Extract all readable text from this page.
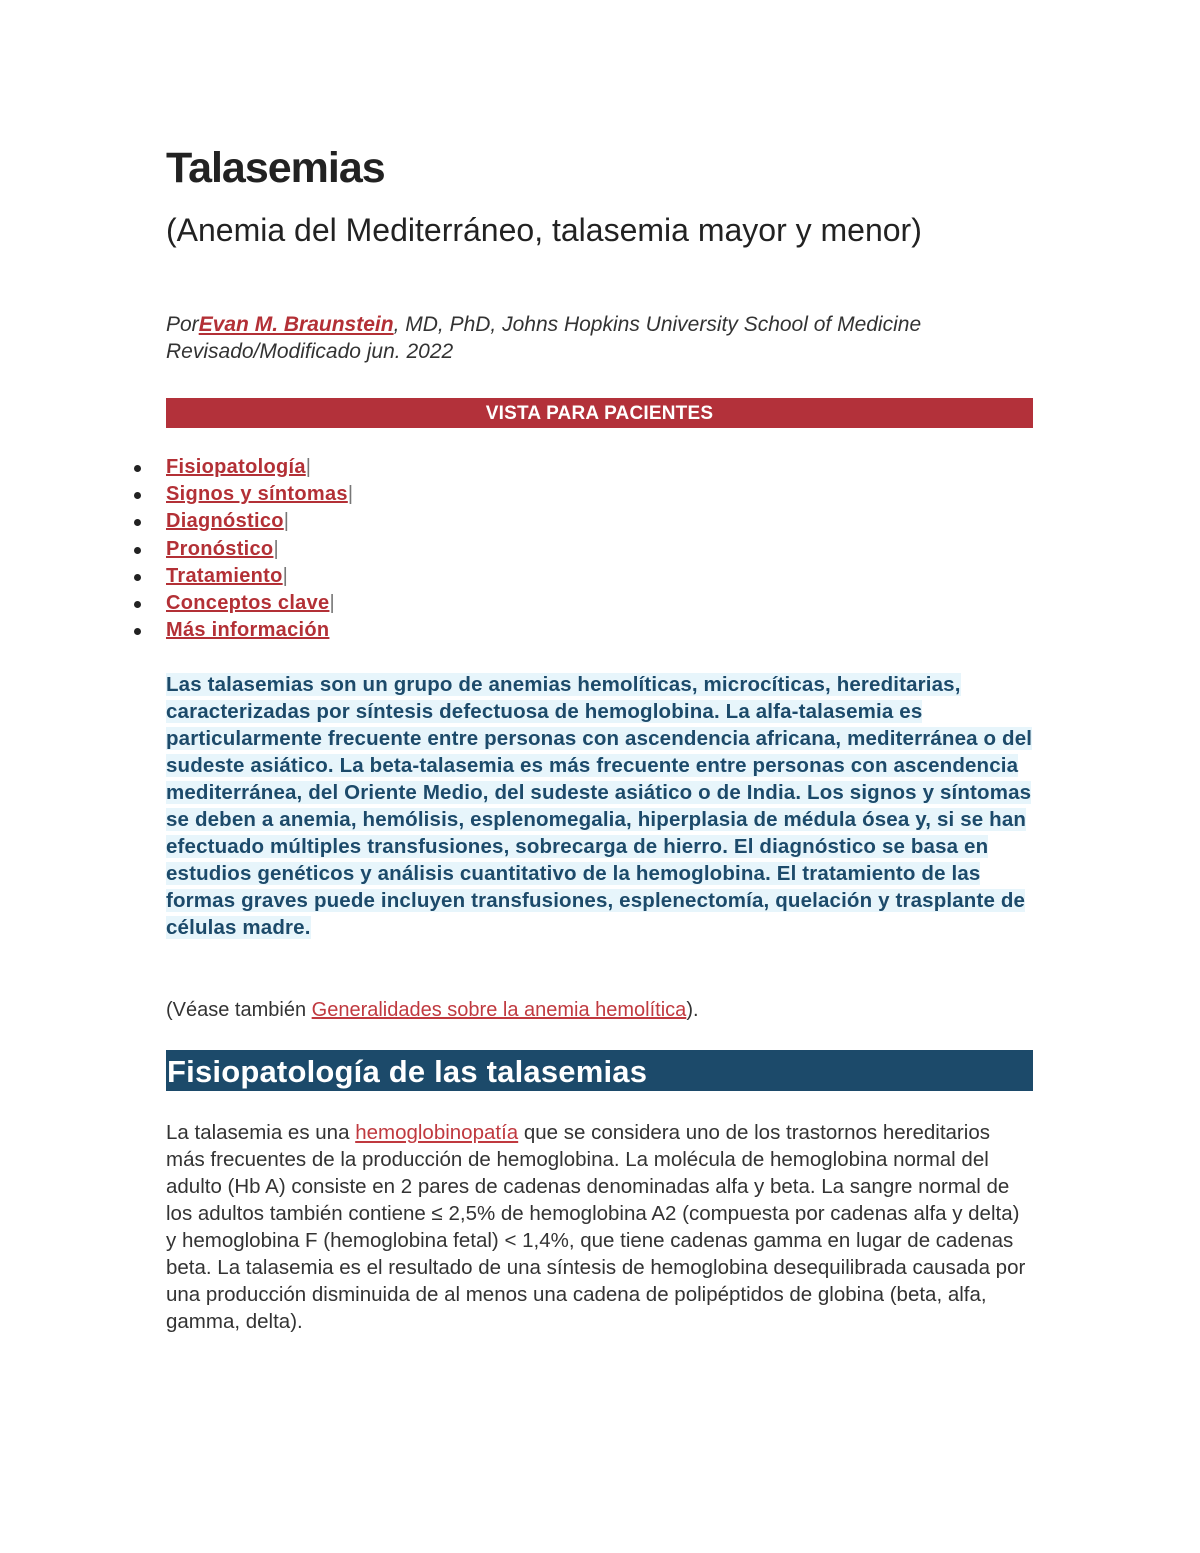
Talasemias
(Anemia del Mediterráneo, talasemia mayor y menor)
PorEvan M. Braunstein, MD, PhD, Johns Hopkins University School of Medicine
Revisado/Modificado jun. 2022
VISTA PARA PACIENTES
Fisiopatología|
Signos y síntomas|
Diagnóstico|
Pronóstico|
Tratamiento|
Conceptos clave|
Más información
Las talasemias son un grupo de anemias hemolíticas, microcíticas, hereditarias, caracterizadas por síntesis defectuosa de hemoglobina. La alfa-talasemia es particularmente frecuente entre personas con ascendencia africana, mediterránea o del sudeste asiático. La beta-talasemia es más frecuente entre personas con ascendencia mediterránea, del Oriente Medio, del sudeste asiático o de India. Los signos y síntomas se deben a anemia, hemólisis, esplenomegalia, hiperplasia de médula ósea y, si se han efectuado múltiples transfusiones, sobrecarga de hierro. El diagnóstico se basa en estudios genéticos y análisis cuantitativo de la hemoglobina. El tratamiento de las formas graves puede incluyen transfusiones, esplenectomía, quelación y trasplante de células madre.
(Véase también Generalidades sobre la anemia hemolítica).
Fisiopatología de las talasemias
La talasemia es una hemoglobinopatía que se considera uno de los trastornos hereditarios más frecuentes de la producción de hemoglobina. La molécula de hemoglobina normal del adulto (Hb A) consiste en 2 pares de cadenas denominadas alfa y beta. La sangre normal de los adultos también contiene ≤ 2,5% de hemoglobina A2 (compuesta por cadenas alfa y delta) y hemoglobina F (hemoglobina fetal) < 1,4%, que tiene cadenas gamma en lugar de cadenas beta. La talasemia es el resultado de una síntesis de hemoglobina desequilibrada causada por una producción disminuida de al menos una cadena de polipéptidos de globina (beta, alfa, gamma, delta).
